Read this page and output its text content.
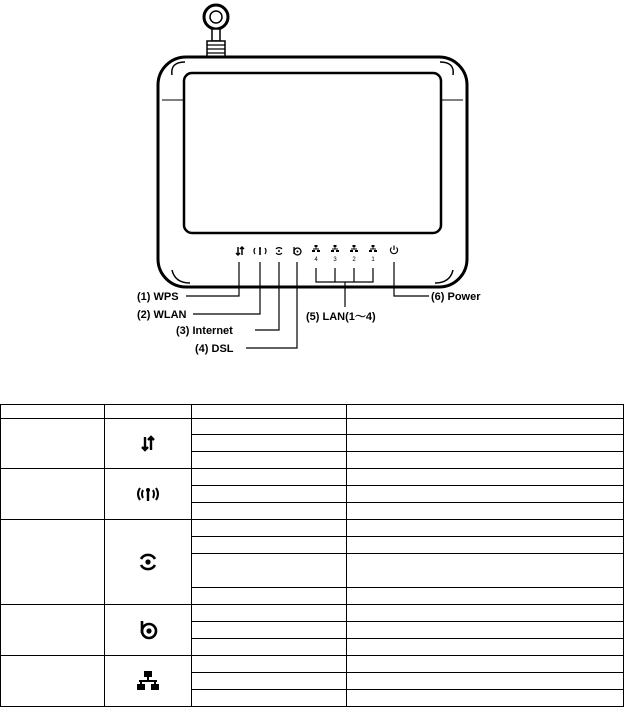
4	3	2	1
(1) WPS
(2) WLAN
(3) Internet
(4) DSL
(5) LAN(1～4)
(6) Power
